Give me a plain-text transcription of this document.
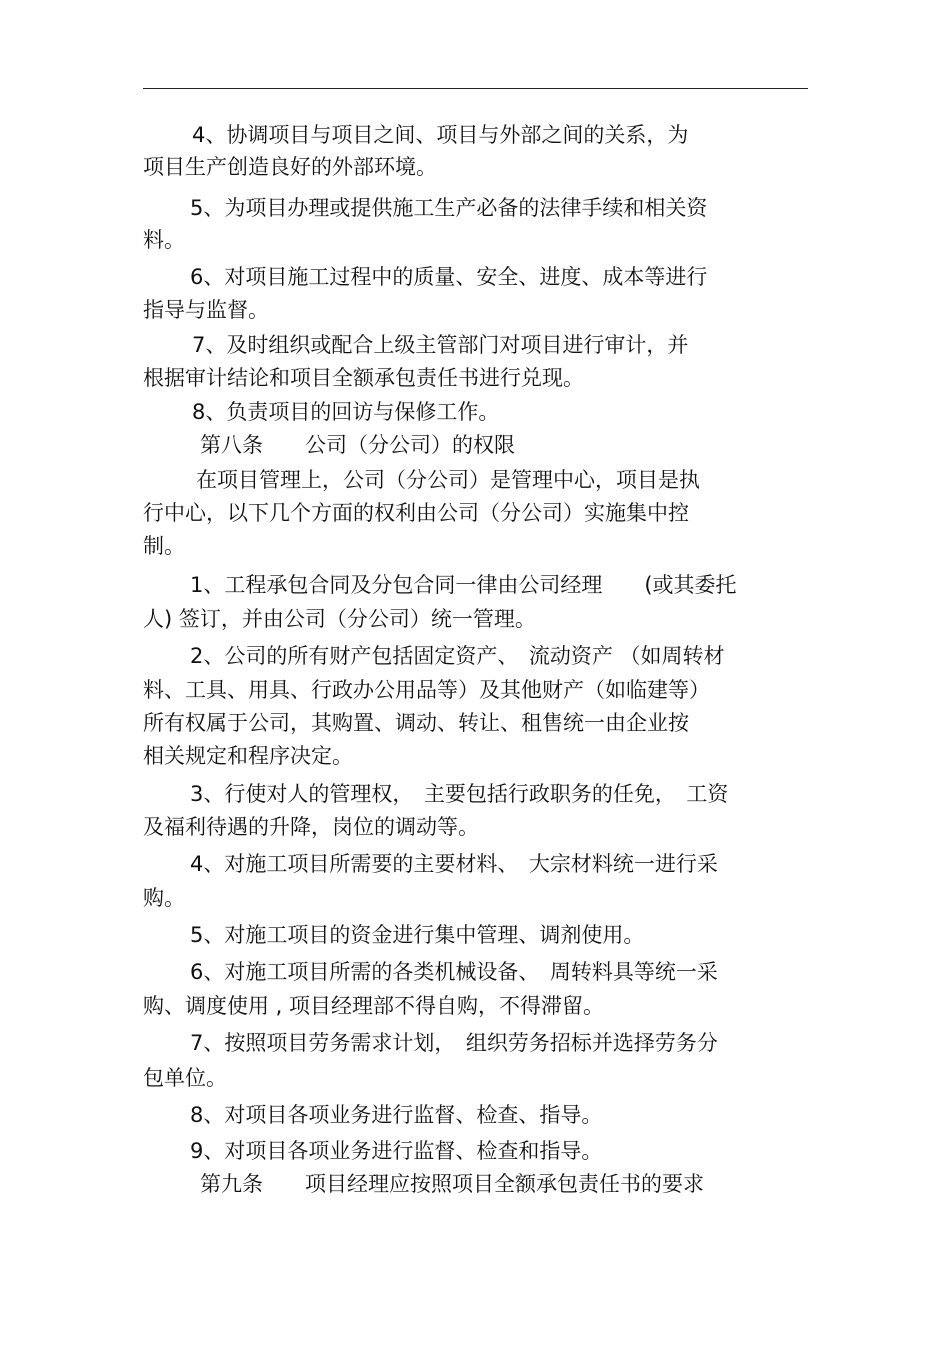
4、协调项目与项目之间、项目与外部之间的关系，为
项目生产创造良好的外部环境。
5、为项目办理或提供施工生产必备的法律手续和相关资
料。
6、对项目施工过程中的质量、安全、进度、成本等进行
指导与监督。
7、及时组织或配合上级主管部门对项目进行审计，并
根据审计结论和项目全额承包责任书进行兑现。
8、负责项目的回访与保修工作。
第八条　　公司（分公司）的权限
在项目管理上，公司（分公司）是管理中心，项目是执
行中心，以下几个方面的权利由公司（分公司）实施集中控
制。
1、工程承包合同及分包合同一律由公司经理　　(或其委托
人) 签订，并由公司（分公司）统一管理。
2、公司的所有财产包括固定资产、　流动资产 （如周转材
料、工具、用具、行政办公用品等）及其他财产（如临建等）
所有权属于公司，其购置、调动、转让、租售统一由企业按
相关规定和程序决定。
3、行使对人的管理权，　主要包括行政职务的任免，　工资
及福利待遇的升降，岗位的调动等。
4、对施工项目所需要的主要材料、　大宗材料统一进行采
购。
5、对施工项目的资金进行集中管理、调剂使用。
6、对施工项目所需的各类机械设备、　周转料具等统一采
购、调度使用 , 项目经理部不得自购，不得滞留。
7、按照项目劳务需求计划，　组织劳务招标并选择劳务分
包单位。
8、对项目各项业务进行监督、检查、指导。
9、对项目各项业务进行监督、检查和指导。
第九条　　项目经理应按照项目全额承包责任书的要求
